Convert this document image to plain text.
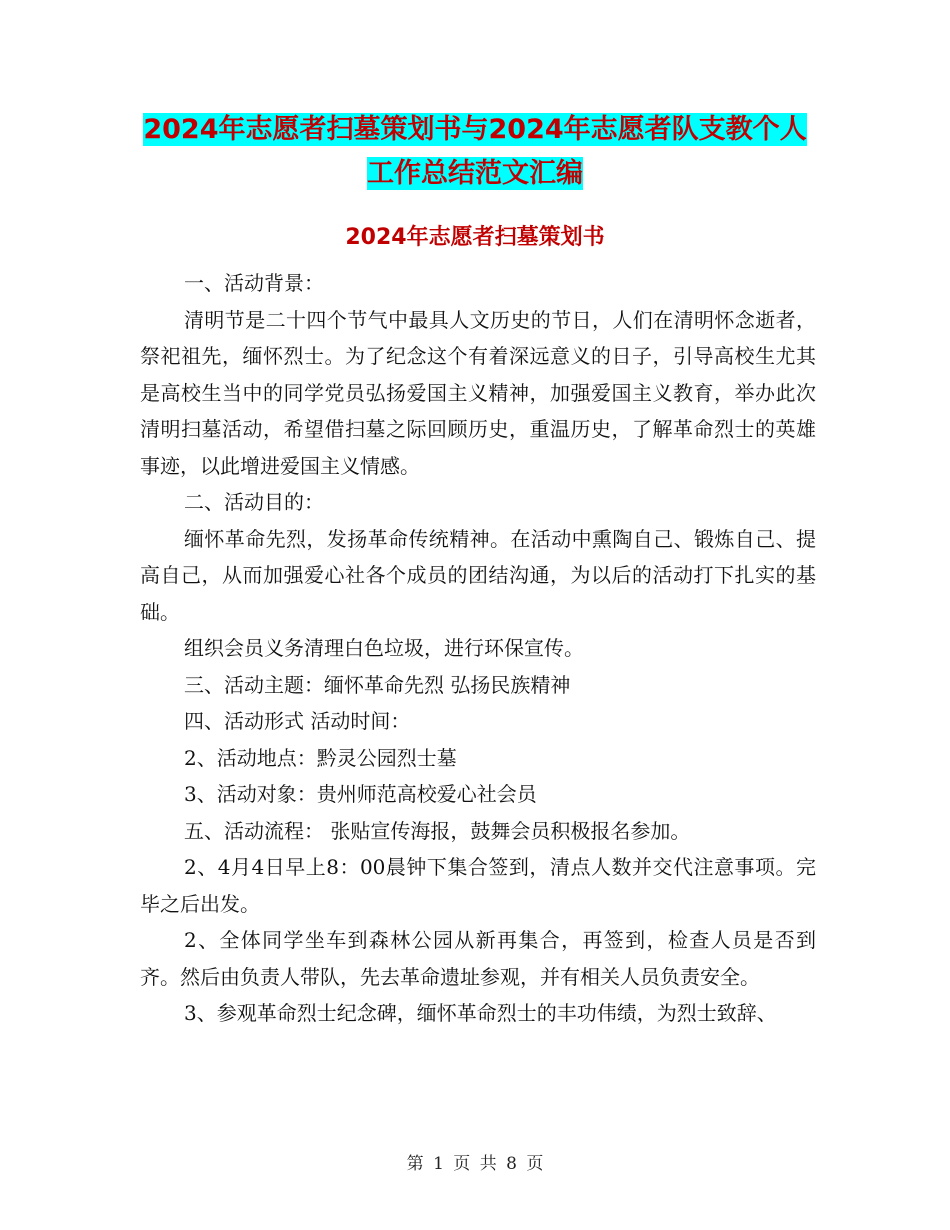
2024年志愿者扫墓策划书与2024年志愿者队支教个人
工作总结范文汇编
2024年志愿者扫墓策划书

一、活动背景：

清明节是二十四个节气中最具人文历史的节日，人们在清明怀念逝者，祭祀祖先，缅怀烈士。为了纪念这个有着深远意义的日子，引导高校生尤其是高校生当中的同学党员弘扬爱国主义精神，加强爱国主义教育，举办此次清明扫墓活动，希望借扫墓之际回顾历史，重温历史，了解革命烈士的英雄事迹，以此增进爱国主义情感。

二、活动目的：

缅怀革命先烈，发扬革命传统精神。在活动中熏陶自己、锻炼自己、提高自己，从而加强爱心社各个成员的团结沟通，为以后的活动打下扎实的基础。

组织会员义务清理白色垃圾，进行环保宣传。

三、活动主题：缅怀革命先烈 弘扬民族精神

四、活动形式 活动时间：

2、活动地点：黔灵公园烈士墓

3、活动对象：贵州师范高校爱心社会员

五、活动流程： 张贴宣传海报，鼓舞会员积极报名参加。

2、4月4日早上8：00晨钟下集合签到，清点人数并交代注意事项。完毕之后出发。

2、全体同学坐车到森林公园从新再集合，再签到，检查人员是否到齐。然后由负责人带队，先去革命遗址参观，并有相关人员负责安全。

3、参观革命烈士纪念碑，缅怀革命烈士的丰功伟绩，为烈士致辞、

第 1 页 共 8 页
